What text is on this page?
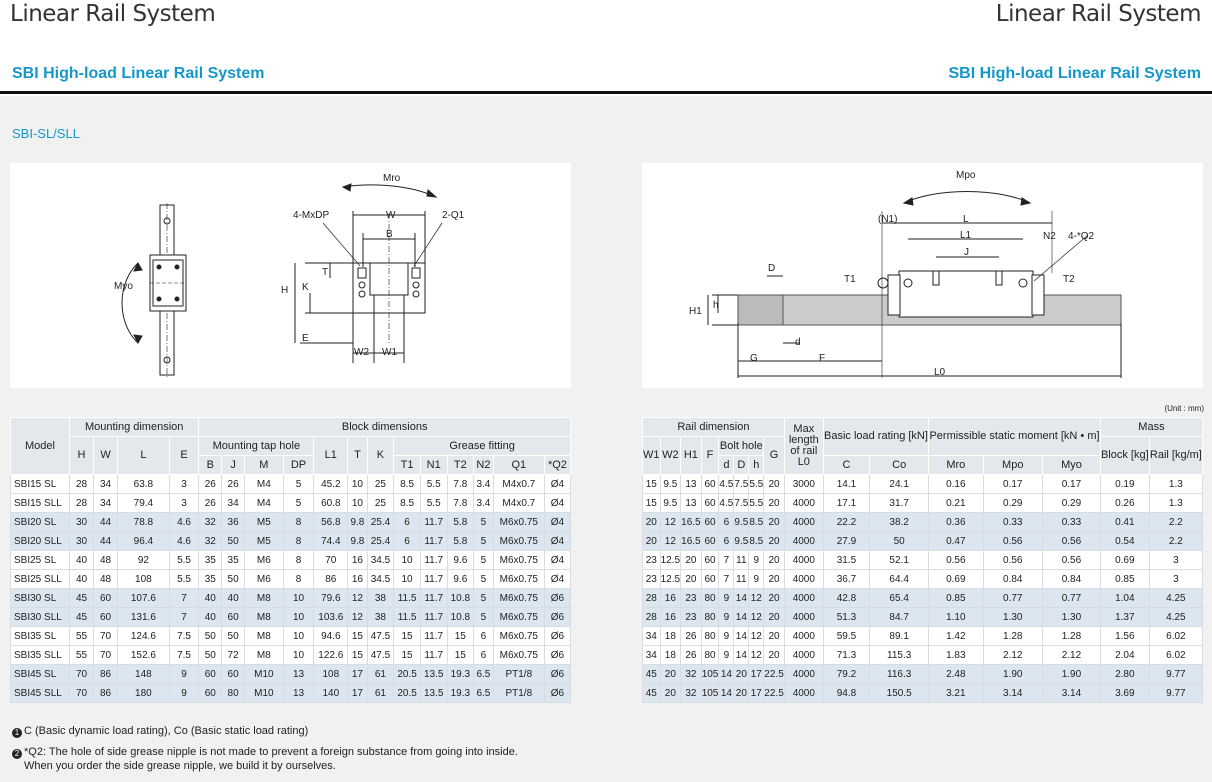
Linear Rail System	Linear Rail System
SBI High-load Linear Rail System	SBI High-load Linear Rail System
SBI-SL/SLL
Myo
Mro
4-MxDP	W	2-Q1
B
T
H K
E
W2 W1
Mpo
(N1)	L
L1
J
N2 4-*Q2
D
T1	T2
h
H1
d
G	F
L0
(Unit : mm)
Model	Mounting dimension				Block dimensions												
	H	W	L	E	Mounting tap hole				L1	T	K	Grease fitting					
					B	J	M	DP				T1	N1	T2	N2	Q1	*Q2
SBI15 SL	28	34	63.8	3	26	26	M4	5	45.2	10	25	8.5	5.5	7.8	3.4	M4x0.7	Ø4
SBI15 SLL	28	34	79.4	3	26	34	M4	5	60.8	10	25	8.5	5.5	7.8	3.4	M4x0.7	Ø4
SBI20 SL	30	44	78.8	4.6	32	36	M5	8	56.8	9.8	25.4	6	11.7	5.8	5	M6x0.75	Ø4
SBI20 SLL	30	44	96.4	4.6	32	50	M5	8	74.4	9.8	25.4	6	11.7	5.8	5	M6x0.75	Ø4
SBI25 SL	40	48	92	5.5	35	35	M6	8	70	16	34.5	10	11.7	9.6	5	M6x0.75	Ø4
SBI25 SLL	40	48	108	5.5	35	50	M6	8	86	16	34.5	10	11.7	9.6	5	M6x0.75	Ø4
SBI30 SL	45	60	107.6	7	40	40	M8	10	79.6	12	38	11.5	11.7	10.8	5	M6x0.75	Ø6
SBI30 SLL	45	60	131.6	7	40	60	M8	10	103.6	12	38	11.5	11.7	10.8	5	M6x0.75	Ø6
SBI35 SL	55	70	124.6	7.5	50	50	M8	10	94.6	15	47.5	15	11.7	15	6	M6x0.75	Ø6
SBI35 SLL	55	70	152.6	7.5	50	72	M8	10	122.6	15	47.5	15	11.7	15	6	M6x0.75	Ø6
SBI45 SL	70	86	148	9	60	60	M10	13	108	17	61	20.5	13.5	19.3	6.5	PT1/8	Ø6
SBI45 SLL	70	86	180	9	60	80	M10	13	140	17	61	20.5	13.5	19.3	6.5	PT1/8	Ø6
Rail dimension								Max length of rail L0	Basic load rating [kN]		Permissible static moment [kN • m]			Mass	
W1	W2	H1	F	Bolt hole			G							Block [kg]	Rail [kg/m]
				d	D	h			C	Co	Mro	Mpo	Myo		
15	9.5	13	60	4.5	7.5	5.5	20	3000	14.1	24.1	0.16	0.17	0.17	0.19	1.3
15	9.5	13	60	4.5	7.5	5.5	20	4000	17.1	31.7	0.21	0.29	0.29	0.26	1.3
20	12	16.5	60	6	9.5	8.5	20	4000	22.2	38.2	0.36	0.33	0.33	0.41	2.2
20	12	16.5	60	6	9.5	8.5	20	4000	27.9	50	0.47	0.56	0.56	0.54	2.2
23	12.5	20	60	7	11	9	20	4000	31.5	52.1	0.56	0.56	0.56	0.69	3
23	12.5	20	60	7	11	9	20	4000	36.7	64.4	0.69	0.84	0.84	0.85	3
28	16	23	80	9	14	12	20	4000	42.8	65.4	0.85	0.77	0.77	1.04	4.25
28	16	23	80	9	14	12	20	4000	51.3	84.7	1.10	1.30	1.30	1.37	4.25
34	18	26	80	9	14	12	20	4000	59.5	89.1	1.42	1.28	1.28	1.56	6.02
34	18	26	80	9	14	12	20	4000	71.3	115.3	1.83	2.12	2.12	2.04	6.02
45	20	32	105	14	20	17	22.5	4000	79.2	116.3	2.48	1.90	1.90	2.80	9.77
45	20	32	105	14	20	17	22.5	4000	94.8	150.5	3.21	3.14	3.14	3.69	9.77
1 C (Basic dynamic load rating), Co (Basic static load rating)
2 *Q2: The hole of side grease nipple is not made to prevent a foreign substance from going into inside.
When you order the side grease nipple, we build it by ourselves.
